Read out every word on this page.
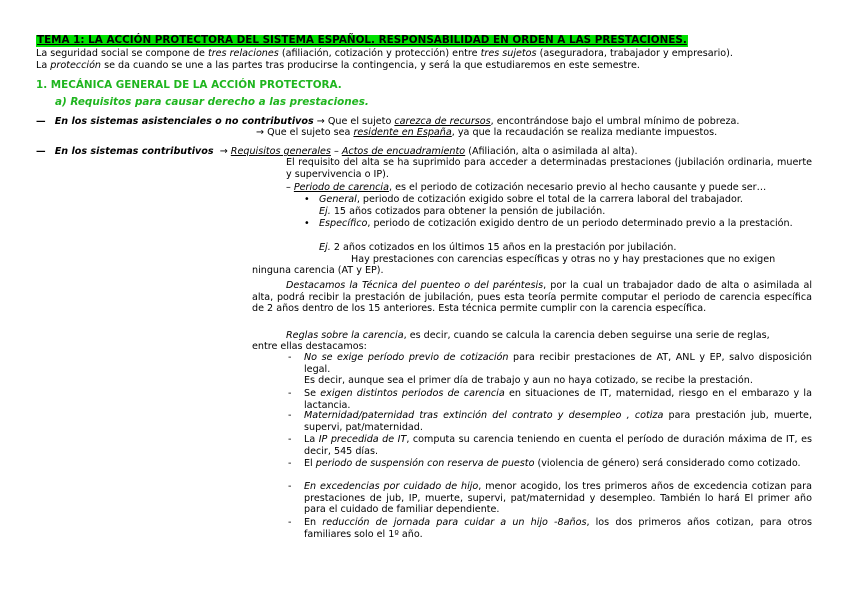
TEMA 1: LA ACCIÓN PROTECTORA DEL SISTEMA ESPAÑOL. RESPONSABILIDAD EN ORDEN A LAS PRESTACIONES.
La seguridad social se compone de tres relaciones (afiliación, cotización y protección) entre tres sujetos (aseguradora, trabajador y empresario).
La protección se da cuando se une a las partes tras producirse la contingencia, y será la que estudiaremos en este semestre.
1. MECÁNICA GENERAL DE LA ACCIÓN PROTECTORA.
a) Requisitos para causar derecho a las prestaciones.
— En los sistemas asistenciales o no contributivos → Que el sujeto carezca de recursos, encontrándose bajo el umbral mínimo de pobreza.
→ Que el sujeto sea residente en España, ya que la recaudación se realiza mediante impuestos.
— En los sistemas contributivos → Requisitos generales – Actos de encuadramiento (Afiliación, alta o asimilada al alta).
El requisito del alta se ha suprimido para acceder a determinadas prestaciones (jubilación ordinaria, muerte y supervivencia o IP).
– Periodo de carencia, es el periodo de cotización necesario previo al hecho causante y puede ser…
• General, periodo de cotización exigido sobre el total de la carrera laboral del trabajador.
Ej. 15 años cotizados para obtener la pensión de jubilación.
• Específico, periodo de cotización exigido dentro de un periodo determinado previo a la prestación.
Ej. 2 años cotizados en los últimos 15 años en la prestación por jubilación.
Hay prestaciones con carencias específicas y otras no y hay prestaciones que no exigen
ninguna carencia (AT y EP).
Destacamos la Técnica del puenteo o del paréntesis, por la cual un trabajador dado de alta o asimilada al alta, podrá recibir la prestación de jubilación, pues esta teoría permite computar el periodo de carencia específica de 2 años dentro de los 15 anteriores. Esta técnica permite cumplir con la carencia específica.
Reglas sobre la carencia, es decir, cuando se calcula la carencia deben seguirse una serie de reglas,
entre ellas destacamos:
- No se exige período previo de cotización para recibir prestaciones de AT, ANL y EP, salvo disposición legal.
Es decir, aunque sea el primer día de trabajo y aun no haya cotizado, se recibe la prestación.
- Se exigen distintos periodos de carencia en situaciones de IT, maternidad, riesgo en el embarazo y la lactancia.
- Maternidad/paternidad tras extinción del contrato y desempleo , cotiza para prestación jub, muerte, supervi, pat/maternidad.
- La IP precedida de IT, computa su carencia teniendo en cuenta el período de duración máxima de IT, es decir, 545 días.
- El periodo de suspensión con reserva de puesto (violencia de género) será considerado como cotizado.
- En excedencias por cuidado de hijo, menor acogido, los tres primeros años de excedencia cotizan para prestaciones de jub, IP, muerte, supervi, pat/maternidad y desempleo. También lo hará El primer año para el cuidado de familiar dependiente.
- En reducción de jornada para cuidar a un hijo -8años, los dos primeros años cotizan, para otros familiares solo el 1º año.
